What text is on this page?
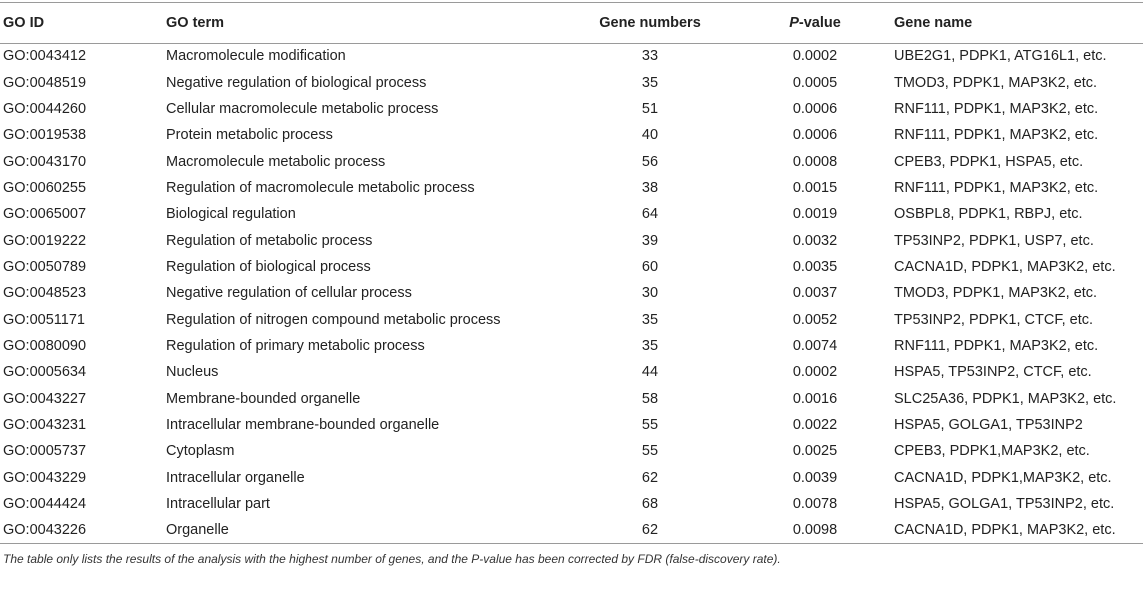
GO ID	GO term	Gene numbers	P-value	Gene name
GO:0043412	Macromolecule modification	33	0.0002	UBE2G1, PDPK1, ATG16L1, etc.
GO:0048519	Negative regulation of biological process	35	0.0005	TMOD3, PDPK1, MAP3K2, etc.
GO:0044260	Cellular macromolecule metabolic process	51	0.0006	RNF111, PDPK1, MAP3K2, etc.
GO:0019538	Protein metabolic process	40	0.0006	RNF111, PDPK1, MAP3K2, etc.
GO:0043170	Macromolecule metabolic process	56	0.0008	CPEB3, PDPK1, HSPA5, etc.
GO:0060255	Regulation of macromolecule metabolic process	38	0.0015	RNF111, PDPK1, MAP3K2, etc.
GO:0065007	Biological regulation	64	0.0019	OSBPL8, PDPK1, RBPJ, etc.
GO:0019222	Regulation of metabolic process	39	0.0032	TP53INP2, PDPK1, USP7, etc.
GO:0050789	Regulation of biological process	60	0.0035	CACNA1D, PDPK1, MAP3K2, etc.
GO:0048523	Negative regulation of cellular process	30	0.0037	TMOD3, PDPK1, MAP3K2, etc.
GO:0051171	Regulation of nitrogen compound metabolic process	35	0.0052	TP53INP2, PDPK1, CTCF, etc.
GO:0080090	Regulation of primary metabolic process	35	0.0074	RNF111, PDPK1, MAP3K2, etc.
GO:0005634	Nucleus	44	0.0002	HSPA5, TP53INP2, CTCF, etc.
GO:0043227	Membrane-bounded organelle	58	0.0016	SLC25A36, PDPK1, MAP3K2, etc.
GO:0043231	Intracellular membrane-bounded organelle	55	0.0022	HSPA5, GOLGA1, TP53INP2
GO:0005737	Cytoplasm	55	0.0025	CPEB3, PDPK1,MAP3K2, etc.
GO:0043229	Intracellular organelle	62	0.0039	CACNA1D, PDPK1,MAP3K2, etc.
GO:0044424	Intracellular part	68	0.0078	HSPA5, GOLGA1, TP53INP2, etc.
GO:0043226	Organelle	62	0.0098	CACNA1D, PDPK1, MAP3K2, etc.
The table only lists the results of the analysis with the highest number of genes, and the P-value has been corrected by FDR (false-discovery rate).
